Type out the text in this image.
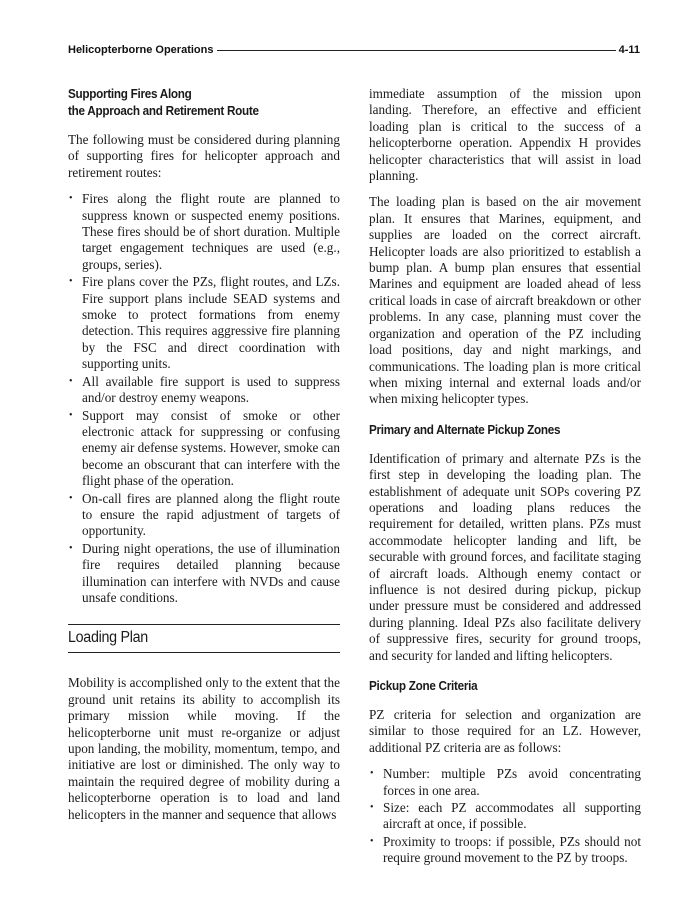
Helicopterborne Operations	4-11
Supporting Fires Along
the Approach and Retirement Route

The following must be considered during planning of supporting fires for helicopter approach and retirement routes:

• Fires along the flight route are planned to suppress known or suspected enemy positions. These fires should be of short duration. Multiple target engagement techniques are used (e.g., groups, series).
• Fire plans cover the PZs, flight routes, and LZs. Fire support plans include SEAD systems and smoke to protect formations from enemy detection. This requires aggressive fire planning by the FSC and direct coordination with supporting units.
• All available fire support is used to suppress and/or destroy enemy weapons.
• Support may consist of smoke or other electronic attack for suppressing or confusing enemy air defense systems. However, smoke can become an obscurant that can interfere with the flight phase of the operation.
• On-call fires are planned along the flight route to ensure the rapid adjustment of targets of opportunity.
• During night operations, the use of illumination fire requires detailed planning because illumination can interfere with NVDs and cause unsafe conditions.
Loading Plan

Mobility is accomplished only to the extent that the ground unit retains its ability to accomplish its primary mission while moving. If the helicopterborne unit must re-organize or adjust upon landing, the mobility, momentum, tempo, and initiative are lost or diminished. The only way to maintain the required degree of mobility during a helicopterborne operation is to load and land helicopters in the manner and sequence that allows

immediate assumption of the mission upon landing. Therefore, an effective and efficient loading plan is critical to the success of a helicopterborne operation. Appendix H provides helicopter characteristics that will assist in load planning.

The loading plan is based on the air movement plan. It ensures that Marines, equipment, and supplies are loaded on the correct aircraft. Helicopter loads are also prioritized to establish a bump plan. A bump plan ensures that essential Marines and equipment are loaded ahead of less critical loads in case of aircraft breakdown or other problems. In any case, planning must cover the organization and operation of the PZ including load positions, day and night markings, and communications. The loading plan is more critical when mixing internal and external loads and/or when mixing helicopter types.

Primary and Alternate Pickup Zones

Identification of primary and alternate PZs is the first step in developing the loading plan. The establishment of adequate unit SOPs covering PZ operations and loading plans reduces the requirement for detailed, written plans. PZs must accommodate helicopter landing and lift, be securable with ground forces, and facilitate staging of aircraft loads. Although enemy contact or influence is not desired during pickup, pickup under pressure must be considered and addressed during planning. Ideal PZs also facilitate delivery of suppressive fires, security for ground troops, and security for landed and lifting helicopters.

Pickup Zone Criteria

PZ criteria for selection and organization are similar to those required for an LZ. However, additional PZ criteria are as follows:

• Number: multiple PZs avoid concentrating forces in one area.
• Size: each PZ accommodates all supporting aircraft at once, if possible.
• Proximity to troops: if possible, PZs should not require ground movement to the PZ by troops.
